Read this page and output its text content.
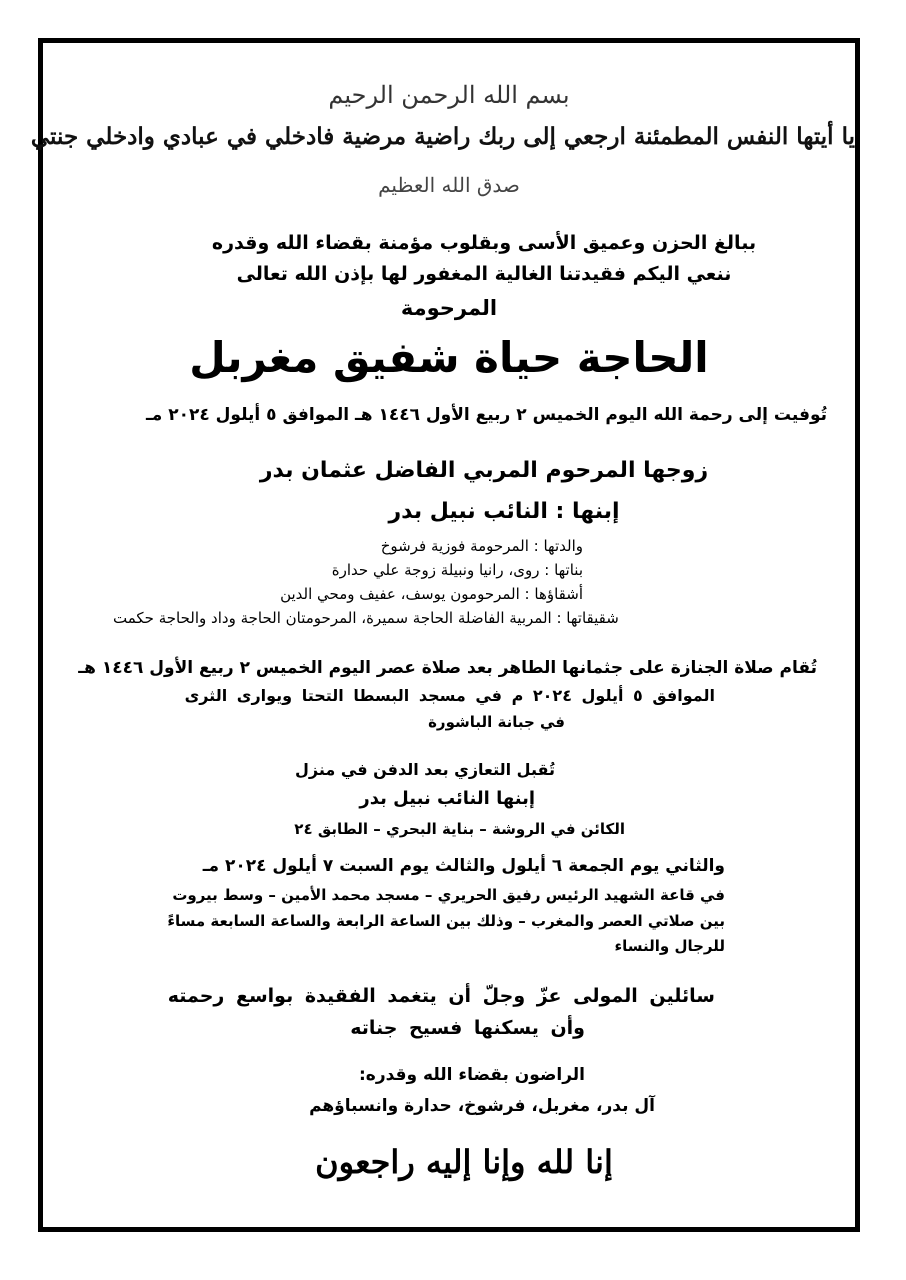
بسم الله الرحمن الرحيم
يا أيتها النفس المطمئنة ارجعي إلى ربك راضية مرضية فادخلي في عبادي وادخلي جنتي
صدق الله العظيم
ببالغ الحزن وعميق الأسى وبقلوب مؤمنة بقضاء الله وقدره
ننعي اليكم فقيدتنا الغالية المغفور لها بإذن الله تعالى
المرحومة
الحاجة حياة شفيق مغربل
تُوفيت إلى رحمة الله اليوم الخميس ٢ ربيع الأول ١٤٤٦ هـ الموافق ٥ أيلول ٢٠٢٤ مـ
زوجها المرحوم المربي الفاضل عثمان بدر
إبنها : النائب نبيل بدر
والدتها : المرحومة فوزية فرشوخ
بناتها : روى، رانيا ونبيلة زوجة علي حدارة
أشقاؤها : المرحومون يوسف، عفيف ومحي الدين
شقيقاتها : المربية الفاضلة الحاجة سميرة، المرحومتان الحاجة وداد والحاجة حكمت
تُقام صلاة الجنازة على جثمانها الطاهر بعد صلاة عصر اليوم الخميس ٢ ربيع الأول ١٤٤٦ هـ
الموافق ٥ أيلول ٢٠٢٤ م في مسجد البسطا التحتا ويوارى الثرى
في جبانة الباشورة
تُقبل التعازي بعد الدفن في منزل
إبنها النائب نبيل بدر
الكائن في الروشة – بناية البحري – الطابق ٢٤
والثاني يوم الجمعة ٦ أيلول والثالث يوم السبت ٧ أيلول ٢٠٢٤ مـ
في قاعة الشهيد الرئيس رفيق الحريري – مسجد محمد الأمين – وسط بيروت
بين صلاتي العصر والمغرب – وذلك بين الساعة الرابعة والساعة السابعة مساءً
للرجال والنساء
سائلين المولى عزّ وجلّ أن يتغمد الفقيدة بواسع رحمته
وأن يسكنها فسيح جناته
الراضون بقضاء الله وقدره:
آل بدر، مغربل، فرشوخ، حدارة وانسباؤهم
إنا لله وإنا إليه راجعون
